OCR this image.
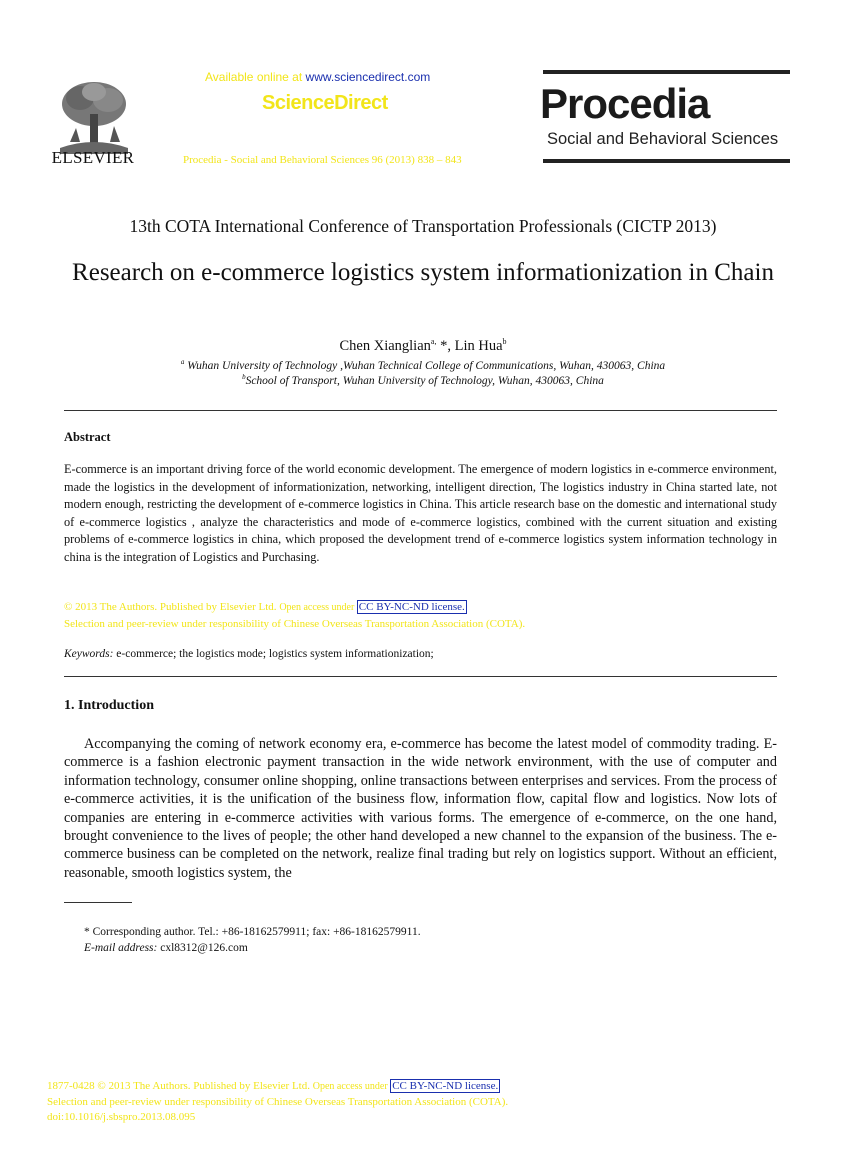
ELSEVIER
Available online at www.sciencedirect.com
ScienceDirect
Procedia - Social and Behavioral Sciences 96 (2013) 838 – 843
Procedia
Social and Behavioral Sciences
13th COTA International Conference of Transportation Professionals (CICTP 2013)
Research on e-commerce logistics system informationization in Chain
Chen Xianglian$^{a,}$ *, Lin Hua$^b$
$^a$ Wuhan University of Technology ,Wuhan Technical College of Communications, Wuhan, 430063, China
$^b$School of Transport, Wuhan University of Technology, Wuhan, 430063, China
Abstract
E-commerce is an important driving force of the world economic development. The emergence of modern logistics in e-commerce environment, made the logistics in the development of informationization, networking, intelligent direction, The logistics industry in China started late, not modern enough, restricting the development of e-commerce logistics in China. This article research base on the domestic and international study of e-commerce logistics , analyze the characteristics and mode of e-commerce logistics, combined with the current situation and existing problems of e-commerce logistics in china, which proposed the development trend of e-commerce logistics system information technology in china is the integration of Logistics and Purchasing.
© 2013 The Authors. Published by Elsevier Ltd. Open access under CC BY-NC-ND license.
Selection and peer-review under responsibility of Chinese Overseas Transportation Association (COTA).
Keywords: e-commerce; the logistics mode; logistics system informationization;
1. Introduction
Accompanying the coming of network economy era, e-commerce has become the latest model of commodity trading. E-commerce is a fashion electronic payment transaction in the wide network environment, with the use of computer and information technology, consumer online shopping, online transactions between enterprises and services. From the process of e-commerce activities, it is the unification of the business flow, information flow, capital flow and logistics. Now lots of companies are entering in e-commerce activities with various forms. The emergence of e-commerce, on the one hand, brought convenience to the lives of people; the other hand developed a new channel to the expansion of the business. The e-commerce business can be completed on the network, realize final trading but rely on logistics support. Without an efficient, reasonable, smooth logistics system, the
* Corresponding author. Tel.: +86-18162579911; fax: +86-18162579911.
E-mail address: cxl8312@126.com
1877-0428 © 2013 The Authors. Published by Elsevier Ltd. Open access under CC BY-NC-ND license.
Selection and peer-review under responsibility of Chinese Overseas Transportation Association (COTA).
doi:10.1016/j.sbspro.2013.08.095
